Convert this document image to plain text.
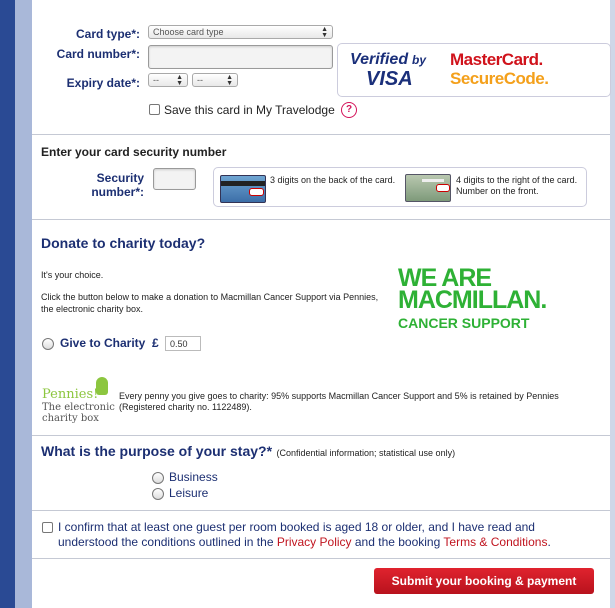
Card type*:	Choose card type	▲
▼
Card number*:
Expiry date*:	-- ▲
▼	--	▲
▼
Save this card in My Travelodge	?
Verified by
VISA
MasterCard.
SecureCode.
Enter your card security number
Security
number*:
3 digits on the back of the card.	4 digits to the right of the card. Number on the front.
Donate to charity today?
It's your choice.
Click the button below to make a donation to Macmillan Cancer Support via Pennies, the electronic charity box.
Give to Charity £	0.50
WE ARE
MACMILLAN.
CANCER SUPPORT
Pennies!
The electronic
charity box
Every penny you give goes to charity: 95% supports Macmillan Cancer Support and 5% is retained by Pennies (Registered charity no. 1122489).
What is the purpose of your stay?* (Confidential information; statistical use only)
Business
Leisure
I confirm that at least one guest per room booked is aged 18 or older, and I have read and understood the conditions outlined in the Privacy Policy and the booking Terms & Conditions.
Submit your booking & payment
